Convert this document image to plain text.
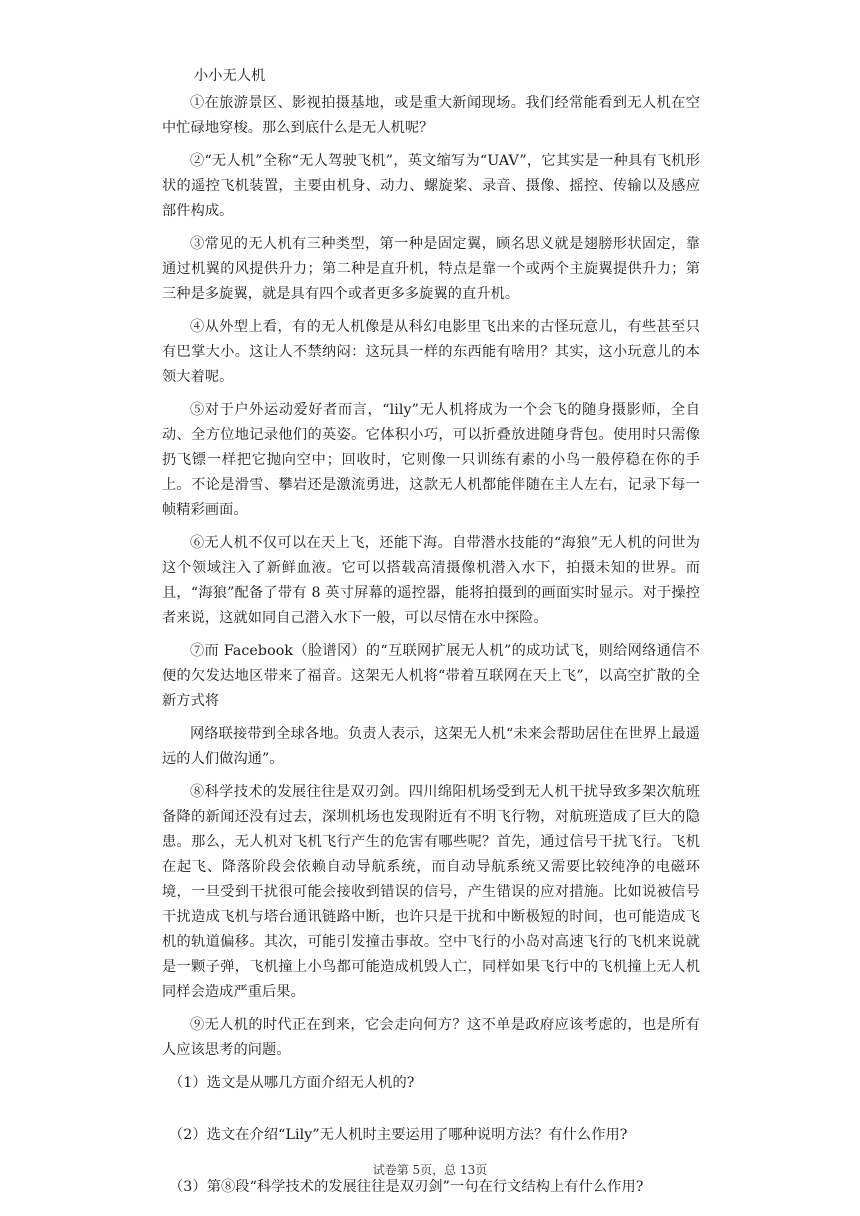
小小无人机

①在旅游景区、影视拍摄基地，或是重大新闻现场。我们经常能看到无人机在空中忙碌地穿梭。那么到底什么是无人机呢？

②“无人机”全称“无人驾驶飞机”，英文缩写为“UAV”，它其实是一种具有飞机形状的遥控飞机装置，主要由机身、动力、螺旋桨、录音、摄像、摇控、传输以及感应部件构成。

③常见的无人机有三种类型，第一种是固定翼，顾名思义就是翅膀形状固定，靠通过机翼的风提供升力；第二种是直升机，特点是靠一个或两个主旋翼提供升力；第三种是多旋翼，就是具有四个或者更多多旋翼的直升机。

④从外型上看，有的无人机像是从科幻电影里飞出来的古怪玩意儿，有些甚至只有巴掌大小。这让人不禁纳闷：这玩具一样的东西能有啥用？其实，这小玩意儿的本领大着呢。

⑤对于户外运动爱好者而言，“lily”无人机将成为一个会飞的随身摄影师，全自动、全方位地记录他们的英姿。它体积小巧，可以折叠放进随身背包。使用时只需像扔飞镖一样把它抛向空中；回收时，它则像一只训练有素的小鸟一般停稳在你的手上。不论是滑雪、攀岩还是激流勇进，这款无人机都能伴随在主人左右，记录下每一帧精彩画面。

⑥无人机不仅可以在天上飞，还能下海。自带潜水技能的“海狼”无人机的问世为这个领域注入了新鲜血液。它可以搭载高清摄像机潜入水下，拍摄未知的世界。而且，“海狼”配备了带有 8 英寸屏幕的遥控器，能将拍摄到的画面实时显示。对于操控者来说，这就如同自己潜入水下一般，可以尽情在水中探险。

⑦而 Facebook（脸谱冈）的“互联网扩展无人机”的成功试飞，则给网络通信不便的欠发达地区带来了福音。这架无人机将“带着互联网在天上飞”，以高空扩散的全新方式将

网络联接带到全球各地。负责人表示，这架无人机“未来会帮助居住在世界上最遥远的人们做沟通”。

⑧科学技术的发展往往是双刃剑。四川绵阳机场受到无人机干扰导致多架次航班备降的新闻还没有过去，深圳机场也发现附近有不明飞行物，对航班造成了巨大的隐患。那么，无人机对飞机飞行产生的危害有哪些呢？首先，通过信号干扰飞行。飞机在起飞、降落阶段会依赖自动导航系统，而自动导航系统又需要比较纯净的电磁环境，一旦受到干扰很可能会接收到错误的信号，产生错误的应对措施。比如说被信号干扰造成飞机与塔台通讯链路中断，也许只是干扰和中断极短的时间，也可能造成飞机的轨道偏移。其次，可能引发撞击事故。空中飞行的小岛对高速飞行的飞机来说就是一颗子弹，飞机撞上小鸟都可能造成机毁人亡，同样如果飞行中的飞机撞上无人机同样会造成严重后果。

⑨无人机的时代正在到来，它会走向何方？这不单是政府应该考虑的，也是所有人应该思考的问题。

（1）选文是从哪几方面介绍无人机的?
（2）选文在介绍“Lily”无人机时主要运用了哪种说明方法？有什么作用?
（3）第⑧段“科学技术的发展往往是双刃剑”一句在行文结构上有什么作用?
试卷第 5页，总 13页
